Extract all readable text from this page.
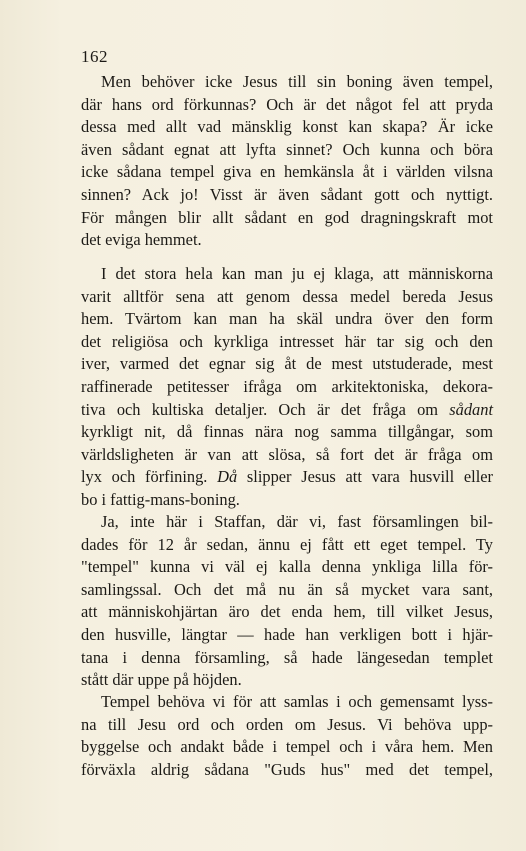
162
Men behöver icke Jesus till sin boning även tempel,
där hans ord förkunnas? Och är det något fel att pryda
dessa med allt vad mänsklig konst kan skapa? Är icke
även sådant egnat att lyfta sinnet? Och kunna och böra
icke sådana tempel giva en hemkänsla åt i världen vilsna
sinnen? Ack jo! Visst är även sådant gott och nyttigt.
För mången blir allt sådant en god dragningskraft mot
det eviga hemmet.
I det stora hela kan man ju ej klaga, att människorna
varit alltför sena att genom dessa medel bereda Jesus
hem. Tvärtom kan man ha skäl undra över den form
det religiösa och kyrkliga intresset här tar sig och den
iver, varmed det egnar sig åt de mest utstuderade, mest
raffinerade petitesser ifråga om arkitektoniska, dekora-
tiva och kultiska detaljer. Och är det fråga om sådant
kyrkligt nit, då finnas nära nog samma tillgångar, som
världsligheten är van att slösa, så fort det är fråga om
lyx och förfining. Då slipper Jesus att vara husvill eller
bo i fattig-mans-boning.
Ja, inte här i Staffan, där vi, fast församlingen bil-
dades för 12 år sedan, ännu ej fått ett eget tempel. Ty
"tempel" kunna vi väl ej kalla denna ynkliga lilla för-
samlingssal. Och det må nu än så mycket vara sant,
att människohjärtan äro det enda hem, till vilket Jesus,
den husville, längtar — hade han verkligen bott i hjär-
tana i denna församling, så hade längesedan templet
stått där uppe på höjden.
Tempel behöva vi för att samlas i och gemensamt lyss-
na till Jesu ord och orden om Jesus. Vi behöva upp-
byggelse och andakt både i tempel och i våra hem. Men
förväxla aldrig sådana "Guds hus" med det tempel,
